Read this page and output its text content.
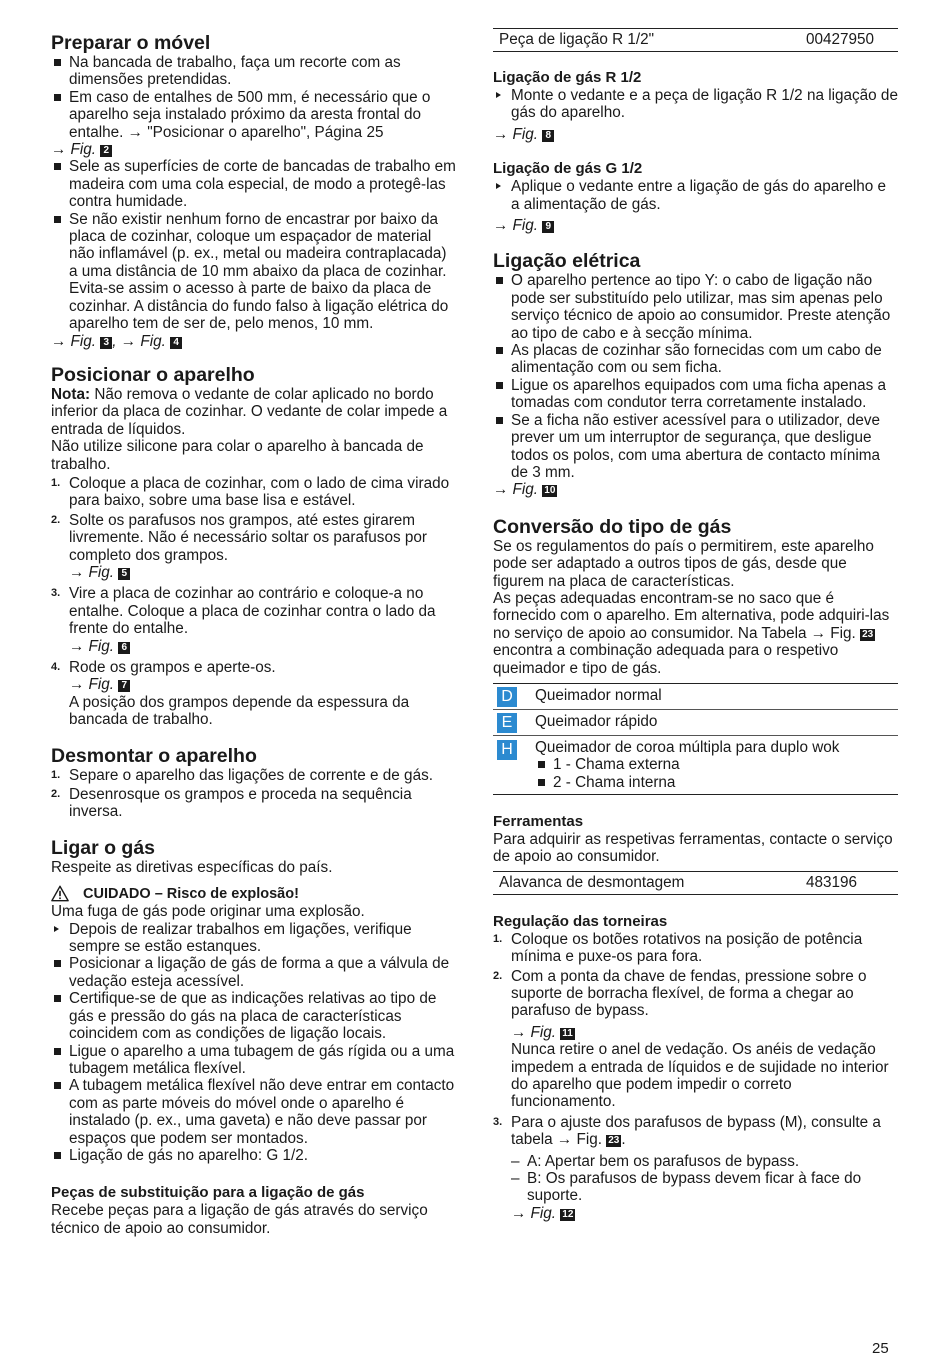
Preparar o móvel

Na bancada de trabalho, faça um recorte com as dimensões pretendidas.

Em caso de entalhes de 500 mm, é necessário que o aparelho seja instalado próximo da aresta frontal do entalhe. → "Posicionar o aparelho", Página 25

→ Fig. 2

Sele as superfícies de corte de bancadas de trabalho em madeira com uma cola especial, de modo a protegê-las contra humidade.

Se não existir nenhum forno de encastrar por baixo da placa de cozinhar, coloque um espaçador de material não inflamável (p. ex., metal ou madeira contraplacada) a uma distância de 10 mm abaixo da placa de cozinhar. Evita-se assim o acesso à parte de baixo da placa de cozinhar. A distância do fundo falso à ligação elétrica do aparelho tem de ser de, pelo menos, 10 mm.

→ Fig. 3 , → Fig. 4

Posicionar o aparelho

Nota: Não remova o vedante de colar aplicado no bordo inferior da placa de cozinhar. O vedante de colar impede a entrada de líquidos.

Não utilize silicone para colar o aparelho à bancada de trabalho.

1. Coloque a placa de cozinhar, com o lado de cima virado para baixo, sobre uma base lisa e estável.

2. Solte os parafusos nos grampos, até estes girarem livremente. Não é necessário soltar os parafusos por completo dos grampos.

→ Fig. 5

3. Vire a placa de cozinhar ao contrário e coloque-a no entalhe. Coloque a placa de cozinhar contra o lado da frente do entalhe.

→ Fig. 6

4. Rode os grampos e aperte-os.

→ Fig. 7

A posição dos grampos depende da espessura da bancada de trabalho.

Desmontar o aparelho

1. Separe o aparelho das ligações de corrente e de gás.

2. Desenrosque os grampos e proceda na sequência inversa.

Ligar o gás

Respeite as diretivas específicas do país.

CUIDADO – Risco de explosão!

Uma fuga de gás pode originar uma explosão.

Depois de realizar trabalhos em ligações, verifique sempre se estão estanques.

Posicionar a ligação de gás de forma a que a válvula de vedação esteja acessível.

Certifique-se de que as indicações relativas ao tipo de gás e pressão do gás na placa de características coincidem com as condições de ligação locais.

Ligue o aparelho a uma tubagem de gás rígida ou a uma tubagem metálica flexível.

A tubagem metálica flexível não deve entrar em contacto com as parte móveis do móvel onde o aparelho é instalado (p. ex., uma gaveta) e não deve passar por espaços que podem ser montados.

Ligação de gás no aparelho: G 1/2.

Peças de substituição para a ligação de gás

Recebe peças para a ligação de gás através do serviço técnico de apoio ao consumidor.

Peça de ligação R 1/2"	00427950

Ligação de gás R 1/2

Monte o vedante e a peça de ligação R 1/2 na ligação de gás do aparelho.

→ Fig. 8

Ligação de gás G 1/2

Aplique o vedante entre a ligação de gás do aparelho e a alimentação de gás.

→ Fig. 9

Ligação elétrica

O aparelho pertence ao tipo Y: o cabo de ligação não pode ser substituído pelo utilizar, mas sim apenas pelo serviço técnico de apoio ao consumidor. Preste atenção ao tipo de cabo e à secção mínima.

As placas de cozinhar são fornecidas com um cabo de alimentação com ou sem ficha.

Ligue os aparelhos equipados com uma ficha apenas a tomadas com condutor terra corretamente instalado.

Se a ficha não estiver acessível para o utilizador, deve prever um um interruptor de segurança, que desligue todos os polos, com uma abertura de contacto mínima de 3 mm.

→ Fig. 10

Conversão do tipo de gás

Se os regulamentos do país o permitirem, este aparelho pode ser adaptado a outros tipos de gás, desde que figurem na placa de características.

As peças adequadas encontram-se no saco que é fornecido com o aparelho. Em alternativa, pode adquiri-las no serviço de apoio ao consumidor. Na Tabela → Fig. 23 encontra a combinação adequada para o respetivo queimador e tipo de gás.

D Queimador normal
E	Queimador rápido
H Queimador de coroa múltipla para duplo wok

1 - Chama externa

2 - Chama interna

Ferramentas

Para adquirir as respetivas ferramentas, contacte o serviço de apoio ao consumidor.

Alavanca de desmontagem	483196

Regulação das torneiras

1. Coloque os botões rotativos na posição de potência mínima e puxe-os para fora.

2. Com a ponta da chave de fendas, pressione sobre o suporte de borracha flexível, de forma a chegar ao parafuso de bypass.

→ Fig. 11

Nunca retire o anel de vedação. Os anéis de vedação impedem a entrada de líquidos e de sujidade no interior do aparelho que podem impedir o correto funcionamento.

3. Para o ajuste dos parafusos de bypass (M), consulte a tabela → Fig. 23 .

– A: Apertar bem os parafusos de bypass.

– B: Os parafusos de bypass devem ficar à face do suporte.

→ Fig. 12

25
